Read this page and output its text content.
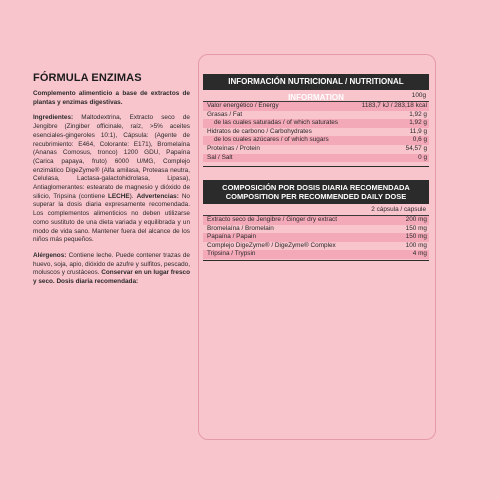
FÓRMULA ENZIMAS

Complemento alimenticio a base de extractos de plantas y enzimas digestivas.

Ingredientes: Maltodextrina, Extracto seco de Jengibre (Zingiber officinale, raíz, >5% aceites esenciales-gingeroles 10:1), Cápsula: (Agente de recubrimiento: E464, Colorante: E171), Bromelaína (Ananas Comosus, tronco) 1200 GDU, Papaína (Carica papaya, fruto) 6000 U/MG, Complejo enzimático DigeZyme® (Alfa amilasa, Proteasa neutra, Celulasa, Lactasa-galactohidrolasa, Lipasa), Antiaglomerantes: estearato de magnesio y dióxido de silicio, Tripsina (contiene LECHE). Advertencias: No superar la dosis diaria expresamente recomendada. Los complementos alimenticios no deben utilizarse como sustituto de una dieta variada y equilibrada y un modo de vida sano. Mantener fuera del alcance de los niños más pequeños.

Alérgenos: Contiene leche. Puede contener trazas de huevo, soja, apio, dióxido de azufre y sulfitos, pescado, moluscos y crustáceos. Conservar en un lugar fresco y seco. Dosis diaria recomendada:

INFORMACIÓN NUTRICIONAL / NUTRITIONAL INFORMATION	100g
Valor energético / Energy	1183,7 kJ / 283,18 kcal
Grasas / Fat	1,92 g
de las cuales saturadas / of which saturates	1,92 g
Hidratos de carbono / Carbohydrates	11,9 g
de los cuales azúcares / of which sugars	0,6 g
Proteínas / Protein	54,57 g
Sal / Salt	0 g
COMPOSICIÓN POR DOSIS DIARIA RECOMENDADA
COMPOSITION PER RECOMMENDED DAILY DOSE
2 cápsula / capsule
Extracto seco de Jengibre / Ginger dry extract	200 mg
Bromelaína / Bromelain	150 mg
Papaína / Papain	150 mg
Complejo DigeZyme® / DigeZyme® Complex	100 mg
Tripsina / Trypsin	4 mg
